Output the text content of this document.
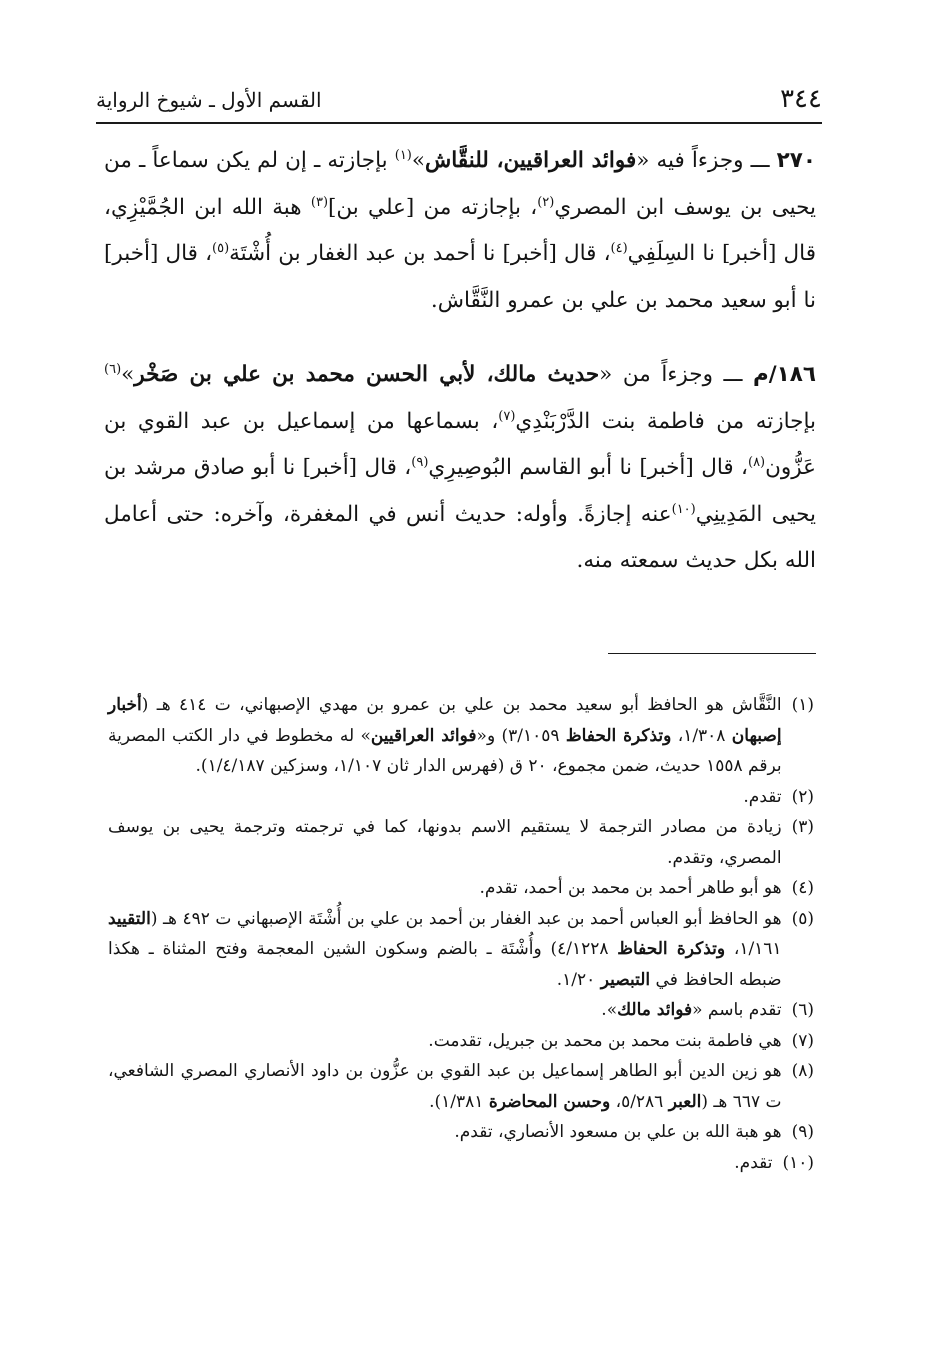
٣٤٤
القسم الأول ـ شيوخ الرواية

٢٧٠ ـــ وجزءاً فيه «فوائد العراقيين، للنقَّاش»$^{(١)}$ بإجازته ـ إن لم يكن سماعاً ـ من يحيى بن يوسف ابن المصري$^{(٢)}$، بإجازته من [علي بن]$^{(٣)}$ هبة الله ابن الجُمَّيْزِي، قال [أخبر] نا السِلَفِي$^{(٤)}$، قال [أخبر] نا أحمد بن عبد الغفار بن أُشْتَة$^{(٥)}$، قال [أخبر] نا أبو سعيد محمد بن علي بن عمرو النَّقَّاش.

١٨٦/م ـــ وجزءاً من «حديث مالك، لأبي الحسن محمد بن علي بن صَخْر»$^{(٦)}$ بإجازته من فاطمة بنت الدَّرْبَنْدِي$^{(٧)}$، بسماعها من إسماعيل بن عبد القوي بن عَزُّون$^{(٨)}$، قال [أخبر] نا أبو القاسم البُوصِيرِي$^{(٩)}$، قال [أخبر] نا أبو صادق مرشد بن يحيى المَدِينِي$^{(١٠)}$عنه إجازةً. وأوله: حديث أنس في المغفرة، وآخره: حتى أعامل الله بكل حديث سمعته منه.

(١)
النَّقَّاش هو الحافظ أبو سعيد محمد بن علي بن عمرو بن مهدي الإصبهاني، ت ٤١٤ هـ (أخبار إصبهان ١/٣٠٨، وتذكرة الحفاظ ٣/١٠٥٩) و«فوائد العراقيين» له مخطوط في دار الكتب المصرية برقم ١٥٥٨ حديث، ضمن مجموع، ٢٠ ق (فهرس الدار ثان ١/١٠٧، وسزكين ١/٤/١٨٧).
(٢)
تقدم.
(٣)
زيادة من مصادر الترجمة لا يستقيم الاسم بدونها، كما في ترجمته وترجمة يحيى بن يوسف المصري، وتقدم.
(٤)
هو أبو طاهر أحمد بن محمد بن أحمد، تقدم.
(٥)
هو الحافظ أبو العباس أحمد بن عبد الغفار بن أحمد بن علي بن أُشْتَة الإصبهاني ت ٤٩٢ هـ (التقييد ١/١٦١، وتذكرة الحفاظ ٤/١٢٢٨) وأُشْتَة ـ بالضم وسكون الشين المعجمة وفتح المثناة ـ هكذا ضبطه الحافظ في التبصير ١/٢٠.
(٦)
تقدم باسم «فوائد مالك».
(٧)
هي فاطمة بنت محمد بن محمد بن جبريل، تقدمت.
(٨)
هو زين الدين أبو الطاهر إسماعيل بن عبد القوي بن عزُّون بن داود الأنصاري المصري الشافعي، ت ٦٦٧ هـ (العبر ٥/٢٨٦، وحسن المحاضرة ١/٣٨١).
(٩)
هو هبة الله بن علي بن مسعود الأنصاري، تقدم.
(١٠)
تقدم.
